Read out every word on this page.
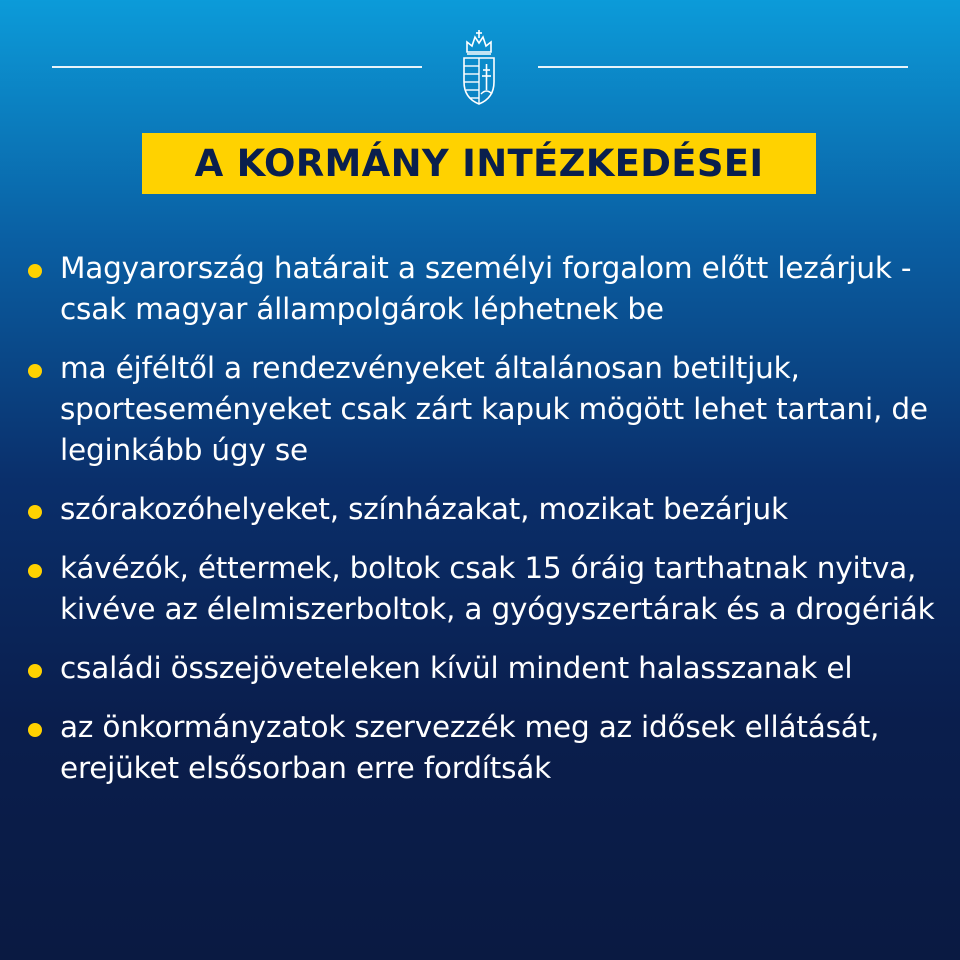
A KORMÁNY INTÉZKEDÉSEI
Magyarország határait a személyi forgalom előtt lezárjuk - csak magyar állampolgárok léphetnek be
ma éjféltől a rendezvényeket általánosan betiltjuk, sporteseményeket csak zárt kapuk mögött lehet tartani, de leginkább úgy se
szórakozóhelyeket, színházakat, mozikat bezárjuk
kávézók, éttermek, boltok csak 15 óráig tarthatnak nyitva, kivéve az élelmiszerboltok, a gyógyszertárak és a drogériák
családi összejöveteleken kívül mindent halasszanak el
az önkormányzatok szervezzék meg az idősek ellátását, erejüket elsősorban erre fordítsák
